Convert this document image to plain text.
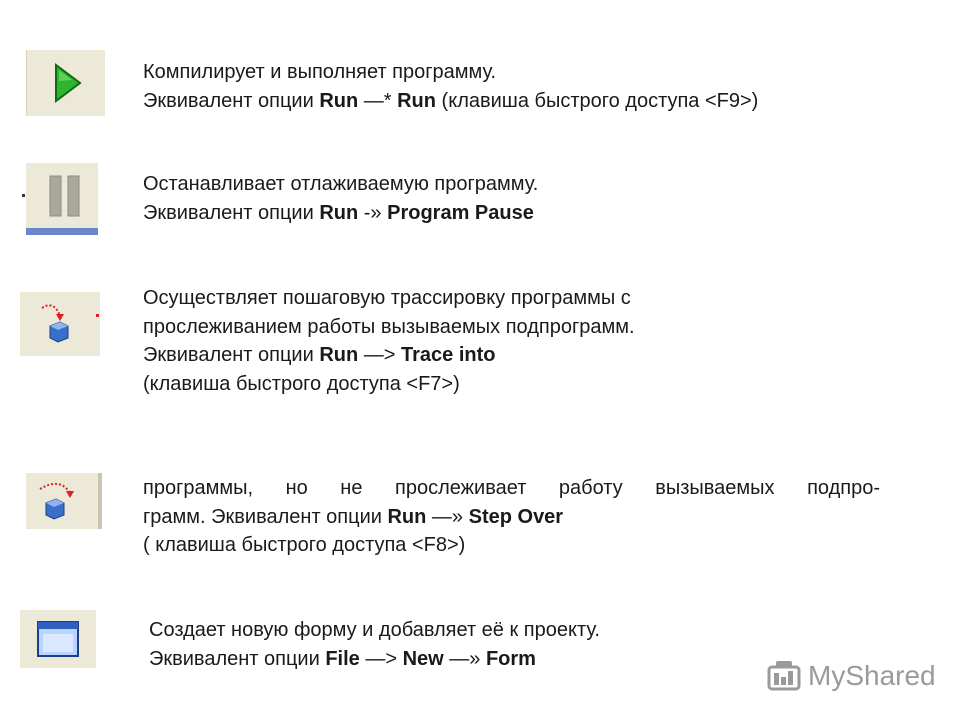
Компилирует и выполняет программу.
Эквивалент опции Run —* Run (клавиша быстрого доступа <F9>)
Останавливает отлаживаемую программу.
Эквивалент опции Run -» Program Pause
Осуществляет пошаговую трассировку программы с
прослеживанием работы вызываемых подпрограмм.
Эквивалент опции Run —> Trace into
(клавиша быстрого доступа <F7>)
программы, но не прослеживает работу вызываемых подпро-
грамм. Эквивалент опции Run —» Step Over
( клавиша быстрого доступа <F8>)
Создает новую форму и добавляет её к проекту.
Эквивалент опции File —> New —» Form
MyShared
